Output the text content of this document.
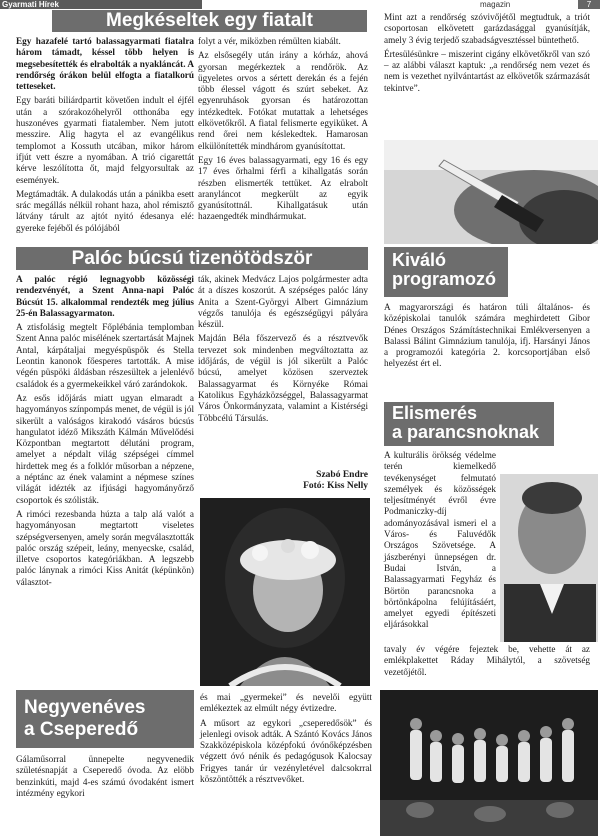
Gyarmati Hírek	magazin	7
Megkéseltek egy fiatalt

Egy hazafelé tartó balassagyarmati fiatalra három támadt, késsel több helyen is megsebesítették és elrabolták a nyakláncát. A rendőrség órákon belül elfogta a fiatalkorú tetteseket.

Egy baráti biliárdpartit követően indult el éjfél után a szórakozóhelyről otthonába egy huszonéves gyarmati fiatalember. Nem jutott messzire. Alig hagyta el az evangélikus templomot a Kossuth utcában, mikor három ifjút vett észre a nyomában. A trió cigarettát kérve leszólította őt, majd felgyorsultak az események.

Megtámadták. A dulakodás után a pánikba esett srác megállás nélkül rohant haza, ahol rémisztő látvány tárult az ajtót nyitó édesanya elé: gyereke fejéből és pólójából

folyt a vér, miközben rémülten kiabált.

Az elsősegély után irány a kórház, ahová gyorsan megérkeztek a rendőrök. Az ügyeletes orvos a sértett derekán és a fején több élessel vágott és szúrt sebeket. Az egyenruhások gyorsan és határozottan intézkedtek. Fotókat mutattak a lehetséges elkövetőkről. A fiatal felismerte egyiküket. A rend őrei nem késlekedtek. Hamarosan elkülönítették mindhárom gyanúsítottat.

Egy 16 éves balassagyarmati, egy 16 és egy 17 éves őrhalmi férfi a kihallgatás során részben elismerték tettüket. Az elrabolt aranyláncot megkerült az egyik gyanúsítottnál. Kihallgatásuk után hazaengedték mindhármukat.

Mint azt a rendőrség szóvivőjétől megtudtuk, a triót csoportosan elkövetett garázdasággal gyanúsítják, amely 3 évig terjedő szabadságvesztéssel büntethető.

Értesülésünkre – miszerint cigány elkövetőkről van szó – az alábbi választ kaptuk: „a rendőrség nem vezet és nem is vezethet nyilvántartást az elkövetők származását tekintve”.

Palóc búcsú tizenötödször

A palóc régió legnagyobb közösségi rendezvényét, a Szent Anna-napi Palóc Búcsút 15. alkalommal rendezték meg július 25-én Balassagyarmaton.

A ztisfolásig megtelt Főplébánia templomban Szent Anna palóc misélének szertartását Majnek Antal, kárpátaljai megyéspüspök és Stella Leontin kanonok főesperes tartották. A mise végén püspöki áldásban részesültek a jelenlévő családok és a gyermekeikkel váró zarándokok.

Az esős időjárás miatt ugyan elmaradt a hagyományos színpompás menet, de végül is jól sikerült a valóságos kirakodó vásáros búcsús hangulatot idéző Mikszáth Kálmán Művelődési Központban megtartott délutáni program, amelyet a népdalt világ szépségei címmel hirdettek meg és a folklór műsorban a népzene, a néptánc az ének valamint a népmese színes világát idézték az ifjúsági hagyományőrző csoportok és szólisták.

A rimóci rezesbanda húzta a talp alá valót a hagyományosan megtartott viseletes szépségversenyen, amely során megválasztották palóc ország szépeit, leány, menyecske, család, illetve csoportos kategóriákban. A legszebb palóc lánynak a rimóci Kiss Anitát (képünkön) választot-

ták, akinek Medvácz Lajos polgármester adta át a díszes koszorút. A szépséges palóc lány Anita a Szent-Györgyi Albert Gimnázium végzős tanulója és egészségügyi pályára készül.

Majdán Béla főszervező és a résztvevők tervezet sok mindenben megváltoztatta az időjárás, de végül is jól sikerült a Palóc búcsú, amelyet közösen szerveztek Balassagyarmat és Környéke Római Katolikus Egyházközséggel, Balassagyarmat Város Önkormányzata, valamint a Kistérségi Többcélú Társulás.

Szabó Endre
Fotó: Kiss Nelly
Kiváló
programozó

A magyarországi és határon túli általános- és középiskolai tanulók számára meghirdetett Gibor Dénes Országos Számítástechnikai Emlékversenyen a Balassi Bálint Gimnázium tanulója, ifj. Harsányi János a programozói kategória 2. korcsoportjában első helyezést ért el.

Elismerés
a parancsnoknak

A kulturális örökség védelme terén kiemelkedő tevékenységet felmutató személyek és közösségek teljesítményét évről évre Podmaniczky-díj adományozásával ismeri el a Város- és Faluvédők Országos Szövetsége. A jászberényi ünnepségen dr. Budai István, a Balassagyarmati Fegyház és Börtön parancsnoka a börtönkápolna felújításáért, amelyet egyedi építészeti eljárásokkal

tavaly év végére fejeztek be, vehette át az emlékplakettet Ráday Mihálytól, a szövetség vezetőjétől.

Negyvenéves
a Cseperedő

Gálaműsorral ünnepelte negyvenedik születésnapját a Cseperedő óvoda. Az elöbb benzinkúti, majd 4-es számú óvodaként ismert intézmény egykori

és mai „gyermekei” és nevelői együtt emlékeztek az elmúlt négy évtizedre.

A műsort az egykori „cseperedősök” és jelenlegi ovisok adták. A Szántó Kovács János Szakközépiskola középfokú óvónőképzésben végzett óvó nénik és pedagógusok Kalocsay Frigyes tanár úr vezényletével dalcsokrral köszöntötték a résztvevőket.
